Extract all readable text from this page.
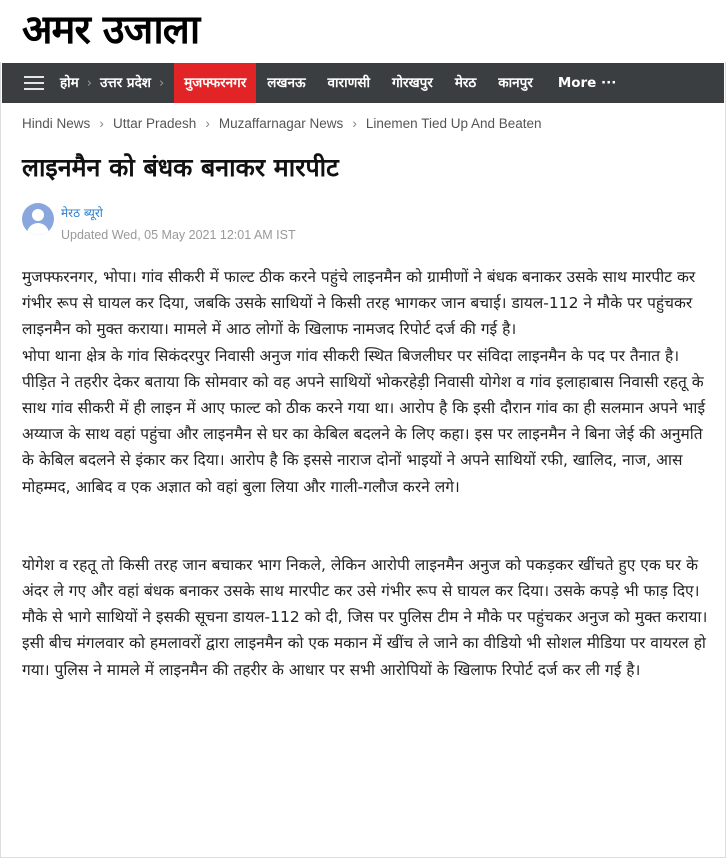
अमर उजाला
होम › उत्तर प्रदेश ›	मुजफ्फरनगर	लखनऊ	वाराणसी	गोरखपुर	मेरठ	कानपुर	More ···
Hindi News › Uttar Pradesh › Muzaffarnagar News › Linemen Tied Up And Beaten
लाइनमैन को बंधक बनाकर मारपीट
मेरठ ब्यूरो
Updated Wed, 05 May 2021 12:01 AM IST

मुजफ्फरनगर, भोपा। गांव सीकरी में फाल्ट ठीक करने पहुंचे लाइनमैन को ग्रामीणों ने बंधक बनाकर उसके साथ मारपीट कर गंभीर रूप से घायल कर दिया, जबकि उसके साथियों ने किसी तरह भागकर जान बचाई। डायल-112 ने मौके पर पहुंचकर लाइनमैन को मुक्त कराया। मामले में आठ लोगों के खिलाफ नामजद रिपोर्ट दर्ज की गई है।

भोपा थाना क्षेत्र के गांव सिकंदरपुर निवासी अनुज गांव सीकरी स्थित बिजलीघर पर संविदा लाइनमैन के पद पर तैनात है। पीड़ित ने तहरीर देकर बताया कि सोमवार को वह अपने साथियों भोकरहेड़ी निवासी योगेश व गांव इलाहाबास निवासी रहतू के साथ गांव सीकरी में ही लाइन में आए फाल्ट को ठीक करने गया था। आरोप है कि इसी दौरान गांव का ही सलमान अपने भाई अय्याज के साथ वहां पहुंचा और लाइनमैन से घर का केबिल बदलने के लिए कहा। इस पर लाइनमैन ने बिना जेई की अनुमति के केबिल बदलने से इंकार कर दिया। आरोप है कि इससे नाराज दोनों भाइयों ने अपने साथियों रफी, खालिद, नाज, आस मोहम्मद, आबिद व एक अज्ञात को वहां बुला लिया और गाली-गलौज करने लगे।

योगेश व रहतू तो किसी तरह जान बचाकर भाग निकले, लेकिन आरोपी लाइनमैन अनुज को पकड़कर खींचते हुए एक घर के अंदर ले गए और वहां बंधक बनाकर उसके साथ मारपीट कर उसे गंभीर रूप से घायल कर दिया। उसके कपड़े भी फाड़ दिए। मौके से भागे साथियों ने इसकी सूचना डायल-112 को दी, जिस पर पुलिस टीम ने मौके पर पहुंचकर अनुज को मुक्त कराया।

इसी बीच मंगलवार को हमलावरों द्वारा लाइनमैन को एक मकान में खींच ले जाने का वीडियो भी सोशल मीडिया पर वायरल हो गया। पुलिस ने मामले में लाइनमैन की तहरीर के आधार पर सभी आरोपियों के खिलाफ रिपोर्ट दर्ज कर ली गई है।
